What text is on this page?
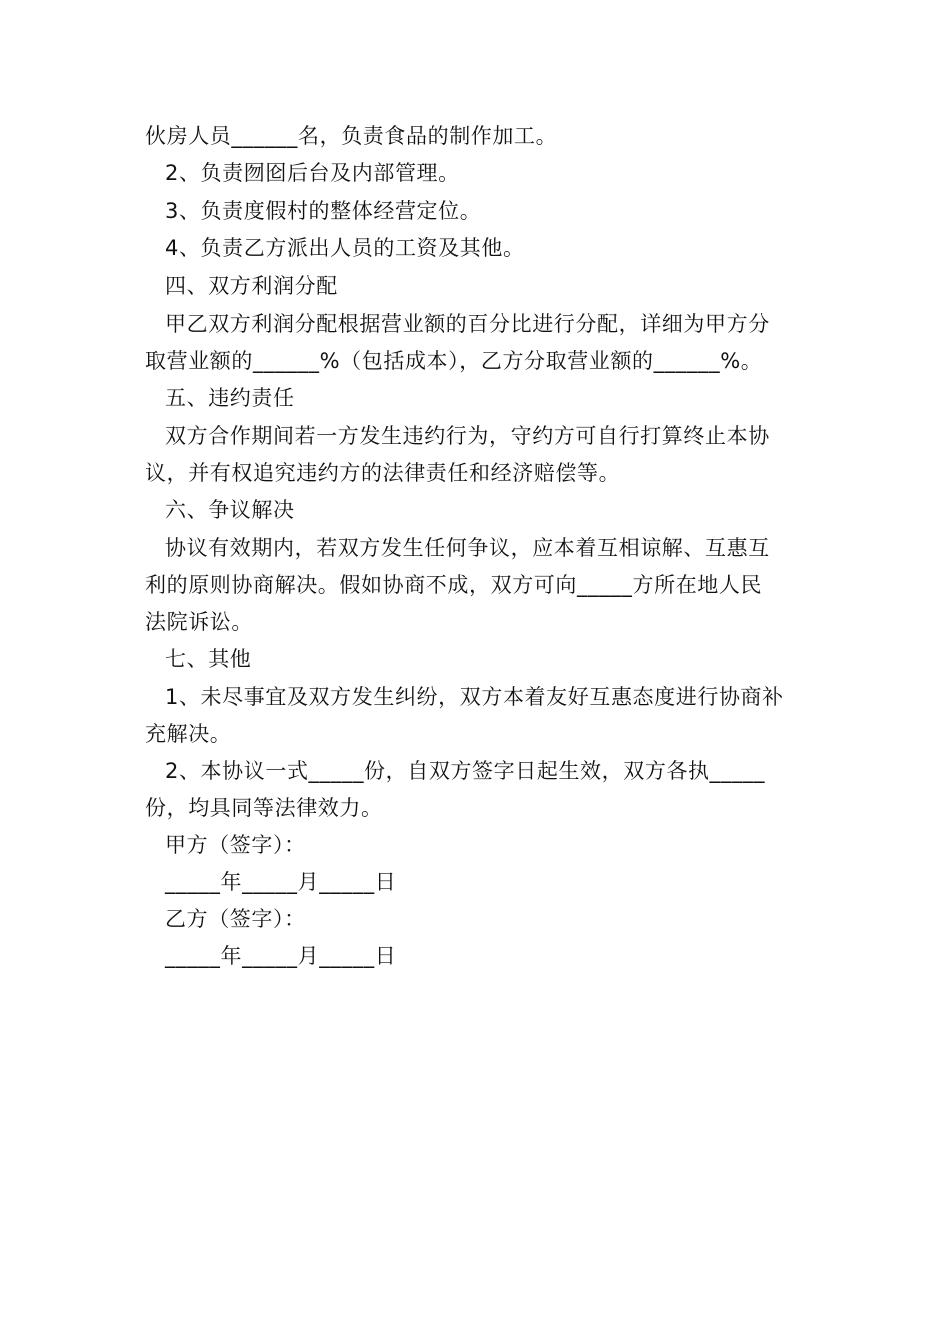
伙房人员______名，负责食品的制作加工。
2、负责囫囵后台及内部管理。
3、负责度假村的整体经营定位。
4、负责乙方派出人员的工资及其他。
四、双方利润分配
甲乙双方利润分配根据营业额的百分比进行分配，详细为甲方分
取营业额的______%（包括成本），乙方分取营业额的______%。
五、违约责任
双方合作期间若一方发生违约行为，守约方可自行打算终止本协
议，并有权追究违约方的法律责任和经济赔偿等。
六、争议解决
协议有效期内，若双方发生任何争议，应本着互相谅解、互惠互
利的原则协商解决。假如协商不成，双方可向_____方所在地人民
法院诉讼。
七、其他
1、未尽事宜及双方发生纠纷，双方本着友好互惠态度进行协商补
充解决。
2、本协议一式_____份，自双方签字日起生效，双方各执_____
份，均具同等法律效力。
甲方（签字）：
_____年_____月_____日
乙方（签字）：
_____年_____月_____日
